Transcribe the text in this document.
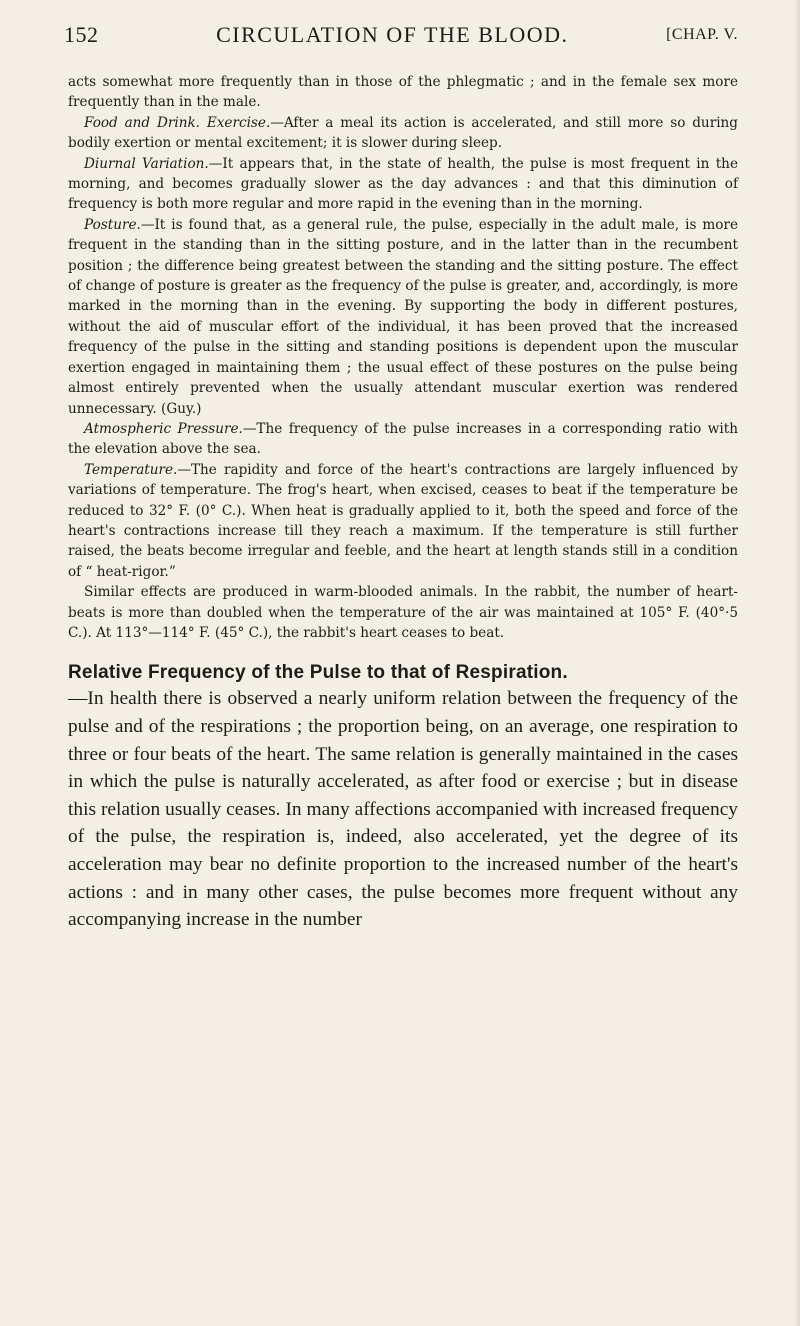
152	CIRCULATION OF THE BLOOD.	[CHAP. V.

acts somewhat more frequently than in those of the phlegmatic ; and in the female sex more frequently than in the male.

Food and Drink. Exercise.—After a meal its action is accelerated, and still more so during bodily exertion or mental excitement; it is slower during sleep.

Diurnal Variation.—It appears that, in the state of health, the pulse is most frequent in the morning, and becomes gradually slower as the day advances : and that this diminution of frequency is both more regular and more rapid in the evening than in the morning.

Posture.—It is found that, as a general rule, the pulse, especially in the adult male, is more frequent in the standing than in the sitting posture, and in the latter than in the recumbent position ; the difference being greatest between the standing and the sitting posture. The effect of change of posture is greater as the frequency of the pulse is greater, and, accordingly, is more marked in the morning than in the evening. By supporting the body in different postures, without the aid of muscular effort of the individual, it has been proved that the increased frequency of the pulse in the sitting and standing positions is dependent upon the muscular exertion engaged in maintaining them ; the usual effect of these postures on the pulse being almost entirely prevented when the usually attendant muscular exertion was rendered unnecessary. (Guy.)

Atmospheric Pressure.—The frequency of the pulse increases in a corresponding ratio with the elevation above the sea.

Temperature.—The rapidity and force of the heart's contractions are largely influenced by variations of temperature. The frog's heart, when excised, ceases to beat if the temperature be reduced to 32° F. (0° C.). When heat is gradually applied to it, both the speed and force of the heart's contractions increase till they reach a maximum. If the temperature is still further raised, the beats become irregular and feeble, and the heart at length stands still in a condition of “ heat-rigor.”

Similar effects are produced in warm-blooded animals. In the rabbit, the number of heart-beats is more than doubled when the temperature of the air was maintained at 105° F. (40°·5 C.). At 113°—114° F. (45° C.), the rabbit's heart ceases to beat.

Relative Frequency of the Pulse to that of Respiration.

—In health there is observed a nearly uniform relation between the frequency of the pulse and of the respirations ; the proportion being, on an average, one respiration to three or four beats of the heart. The same relation is generally maintained in the cases in which the pulse is naturally accelerated, as after food or exercise ; but in disease this relation usually ceases. In many affections accompanied with increased frequency of the pulse, the respiration is, indeed, also accelerated, yet the degree of its acceleration may bear no definite proportion to the increased number of the heart's actions : and in many other cases, the pulse becomes more frequent without any accompanying increase in the number
